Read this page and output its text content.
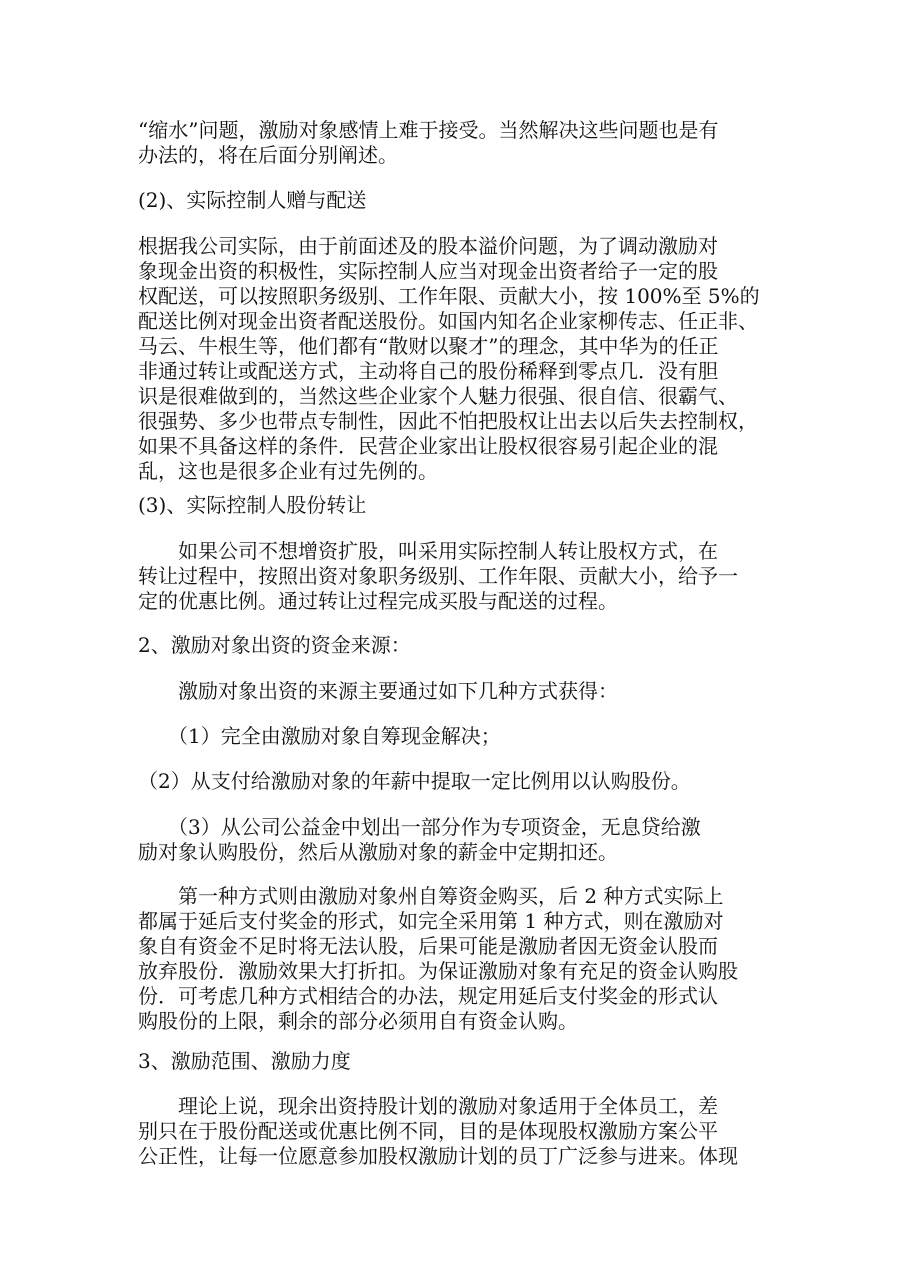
“缩水”问题，激励对象感情上难于接受。当然解决这些问题也是有
办法的，将在后面分别阐述。
(2)、实际控制人赠与配送
根据我公司实际，由于前面述及的股本溢价问题，为了调动激励对
象现金出资的积极性，实际控制人应当对现金出资者给子一定的股
权配送，可以按照职务级别、工作年限、贡献大小，按 100%至 5%的
配送比例对现金出资者配送股份。如国内知名企业家柳传志、任正非、
马云、牛根生等，他们都有“散财以聚才”的理念，其中华为的任正
非通过转让或配送方式，主动将自己的股份稀释到零点几．没有胆
识是很难做到的，当然这些企业家个人魅力很强、很自信、很霸气、
很强势、多少也带点专制性，因此不怕把股权让出去以后失去控制权，
如果不具备这样的条件．民营企业家出让股权很容易引起企业的混
乱，这也是很多企业有过先例的。
(3)、实际控制人股份转让
　　如果公司不想增资扩股，叫采用实际控制人转让股权方式，在
转让过程中，按照出资对象职务级别、工作年限、贡献大小，给予一
定的优惠比例。通过转让过程完成买股与配送的过程。
2、激励对象出资的资金来源：
　　激励对象出资的来源主要通过如下几种方式获得：
　　（1）完全由激励对象自筹现金解决；
（2）从支付给激励对象的年薪中提取一定比例用以认购股份。
　　（3）从公司公益金中划出一部分作为专项资金，无息贷给激
励对象认购股份，然后从激励对象的薪金中定期扣还。
　　第一种方式则由激励对象州自筹资金购买，后 2 种方式实际上
都属于延后支付奖金的形式，如完全采用第 1 种方式，则在激励对
象自有资金不足时将无法认股，后果可能是激励者因无资金认股而
放弃股份．激励效果大打折扣。为保证激励对象有充足的资金认购股
份．可考虑几种方式相结合的办法，规定用延后支付奖金的形式认
购股份的上限，剩余的部分必须用自有资金认购。
3、激励范围、激励力度
　　理论上说，现余出资持股计划的激励对象适用于全体员工，差
别只在于股份配送或优惠比例不同，目的是体现股权激励方案公平
公正性，让每一位愿意参加股权激励计划的员丁广泛参与进来。体现
